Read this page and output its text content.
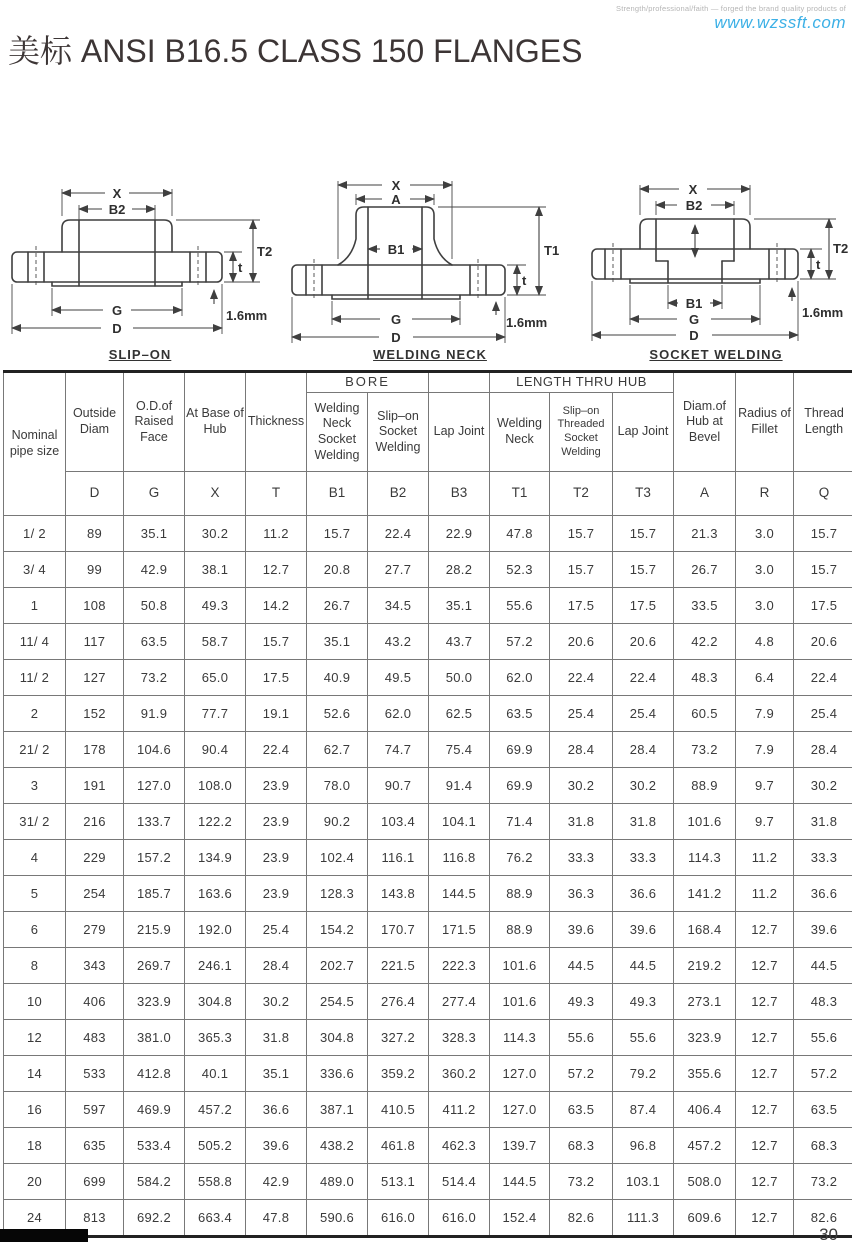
Strength/professional/faith — forged the brand quality products of
www.wzssft.com
美标 ANSI B16.5 CLASS 150 FLANGES
X
B2
G
D
t
T2
1.6mm
SLIP–ON
X
A
B1
G
D
t
T1
1.6mm
WELDING NECK
X
B2
B1
G
D
t
T2
1.6mm
SOCKET WELDING
Nominal pipe size	Outside Diam	O.D.of Raised Face	At Base of Hub	Thickness	BORE			LENGTH THRU HUB			Diam.of Hub at Bevel	Radius of Fillet	Thread Length
					Welding Neck Socket Welding	Slip–on Socket Welding	Lap Joint	Welding Neck	Slip–on Threaded Socket Welding	Lap Joint			
	D	G	X	T	B1	B2	B3	T1	T2	T3	A	R	Q
1/ 2	89	35.1	30.2	11.2	15.7	22.4	22.9	47.8	15.7	15.7	21.3	3.0	15.7
3/ 4	99	42.9	38.1	12.7	20.8	27.7	28.2	52.3	15.7	15.7	26.7	3.0	15.7
1	108	50.8	49.3	14.2	26.7	34.5	35.1	55.6	17.5	17.5	33.5	3.0	17.5
11/ 4	117	63.5	58.7	15.7	35.1	43.2	43.7	57.2	20.6	20.6	42.2	4.8	20.6
11/ 2	127	73.2	65.0	17.5	40.9	49.5	50.0	62.0	22.4	22.4	48.3	6.4	22.4
2	152	91.9	77.7	19.1	52.6	62.0	62.5	63.5	25.4	25.4	60.5	7.9	25.4
21/ 2	178	104.6	90.4	22.4	62.7	74.7	75.4	69.9	28.4	28.4	73.2	7.9	28.4
3	191	127.0	108.0	23.9	78.0	90.7	91.4	69.9	30.2	30.2	88.9	9.7	30.2
31/ 2	216	133.7	122.2	23.9	90.2	103.4	104.1	71.4	31.8	31.8	101.6	9.7	31.8
4	229	157.2	134.9	23.9	102.4	116.1	116.8	76.2	33.3	33.3	114.3	11.2	33.3
5	254	185.7	163.6	23.9	128.3	143.8	144.5	88.9	36.3	36.6	141.2	11.2	36.6
6	279	215.9	192.0	25.4	154.2	170.7	171.5	88.9	39.6	39.6	168.4	12.7	39.6
8	343	269.7	246.1	28.4	202.7	221.5	222.3	101.6	44.5	44.5	219.2	12.7	44.5
10	406	323.9	304.8	30.2	254.5	276.4	277.4	101.6	49.3	49.3	273.1	12.7	48.3
12	483	381.0	365.3	31.8	304.8	327.2	328.3	114.3	55.6	55.6	323.9	12.7	55.6
14	533	412.8	40.1	35.1	336.6	359.2	360.2	127.0	57.2	79.2	355.6	12.7	57.2
16	597	469.9	457.2	36.6	387.1	410.5	411.2	127.0	63.5	87.4	406.4	12.7	63.5
18	635	533.4	505.2	39.6	438.2	461.8	462.3	139.7	68.3	96.8	457.2	12.7	68.3
20	699	584.2	558.8	42.9	489.0	513.1	514.4	144.5	73.2	103.1	508.0	12.7	73.2
24	813	692.2	663.4	47.8	590.6	616.0	616.0	152.4	82.6	111.3	609.6	12.7	82.6
30
